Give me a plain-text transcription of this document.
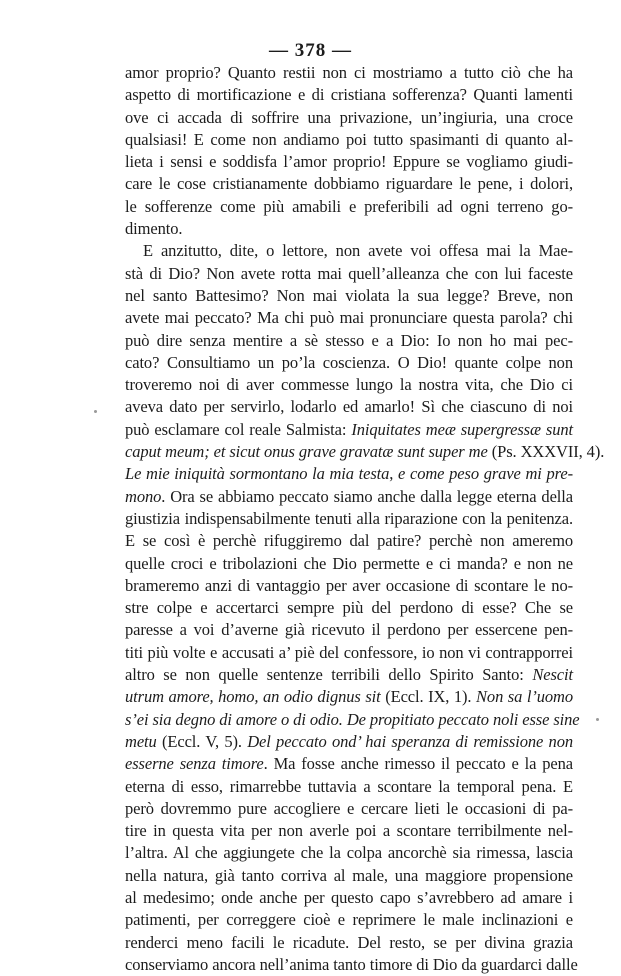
— 378 —
amor proprio? Quanto restii non ci mostriamo a tutto ciò che ha
aspetto di mortificazione e di cristiana sofferenza? Quanti lamenti
ove ci accada di soffrire una privazione, un’ingiuria, una croce
qualsiasi! E come non andiamo poi tutto spasimanti di quanto al-
lieta i sensi e soddisfa l’amor proprio! Eppure se vogliamo giudi-
care le cose cristianamente dobbiamo riguardare le pene, i dolori,
le sofferenze come più amabili e preferibili ad ogni terreno go-
dimento.
E anzitutto, dite, o lettore, non avete voi offesa mai la Mae-
stà di Dio? Non avete rotta mai quell’alleanza che con lui faceste
nel santo Battesimo? Non mai violata la sua legge? Breve, non
avete mai peccato? Ma chi può mai pronunciare questa parola? chi
può dire senza mentire a sè stesso e a Dio: Io non ho mai pec-
cato? Consultiamo un po’la coscienza. O Dio! quante colpe non
troveremo noi di aver commesse lungo la nostra vita, che Dio ci
aveva dato per servirlo, lodarlo ed amarlo! Sì che ciascuno di noi
può esclamare col reale Salmista: Iniquitates meæ supergressæ sunt
caput meum; et sicut onus grave gravatæ sunt super me (Ps. XXXVII, 4).
Le mie iniquità sormontano la mia testa, e come peso grave mi pre-
mono. Ora se abbiamo peccato siamo anche dalla legge eterna della
giustizia indispensabilmente tenuti alla riparazione con la penitenza.
E se così è perchè rifuggiremo dal patire? perchè non ameremo
quelle croci e tribolazioni che Dio permette e ci manda? e non ne
brameremo anzi di vantaggio per aver occasione di scontare le no-
stre colpe e accertarci sempre più del perdono di esse? Che se
paresse a voi d’averne già ricevuto il perdono per essercene pen-
titi più volte e accusati a’ piè del confessore, io non vi contrapporrei
altro se non quelle sentenze terribili dello Spirito Santo: Nescit
utrum amore, homo, an odio dignus sit (Eccl. IX, 1). Non sa l’uomo
s’ei sia degno di amore o di odio. De propitiato peccato noli esse sine
metu (Eccl. V, 5). Del peccato ond’ hai speranza di remissione non
esserne senza timore. Ma fosse anche rimesso il peccato e la pena
eterna di esso, rimarrebbe tuttavia a scontare la temporal pena. E
però dovremmo pure accogliere e cercare lieti le occasioni di pa-
tire in questa vita per non averle poi a scontare terribilmente nel-
l’altra. Al che aggiungete che la colpa ancorchè sia rimessa, lascia
nella natura, già tanto corriva al male, una maggiore propensione
al medesimo; onde anche per questo capo s’avrebbero ad amare i
patimenti, per correggere cioè e reprimere le male inclinazioni e
renderci meno facili le ricadute. Del resto, se per divina grazia
conserviamo ancora nell’anima tanto timore di Dio da guardarci dalle
